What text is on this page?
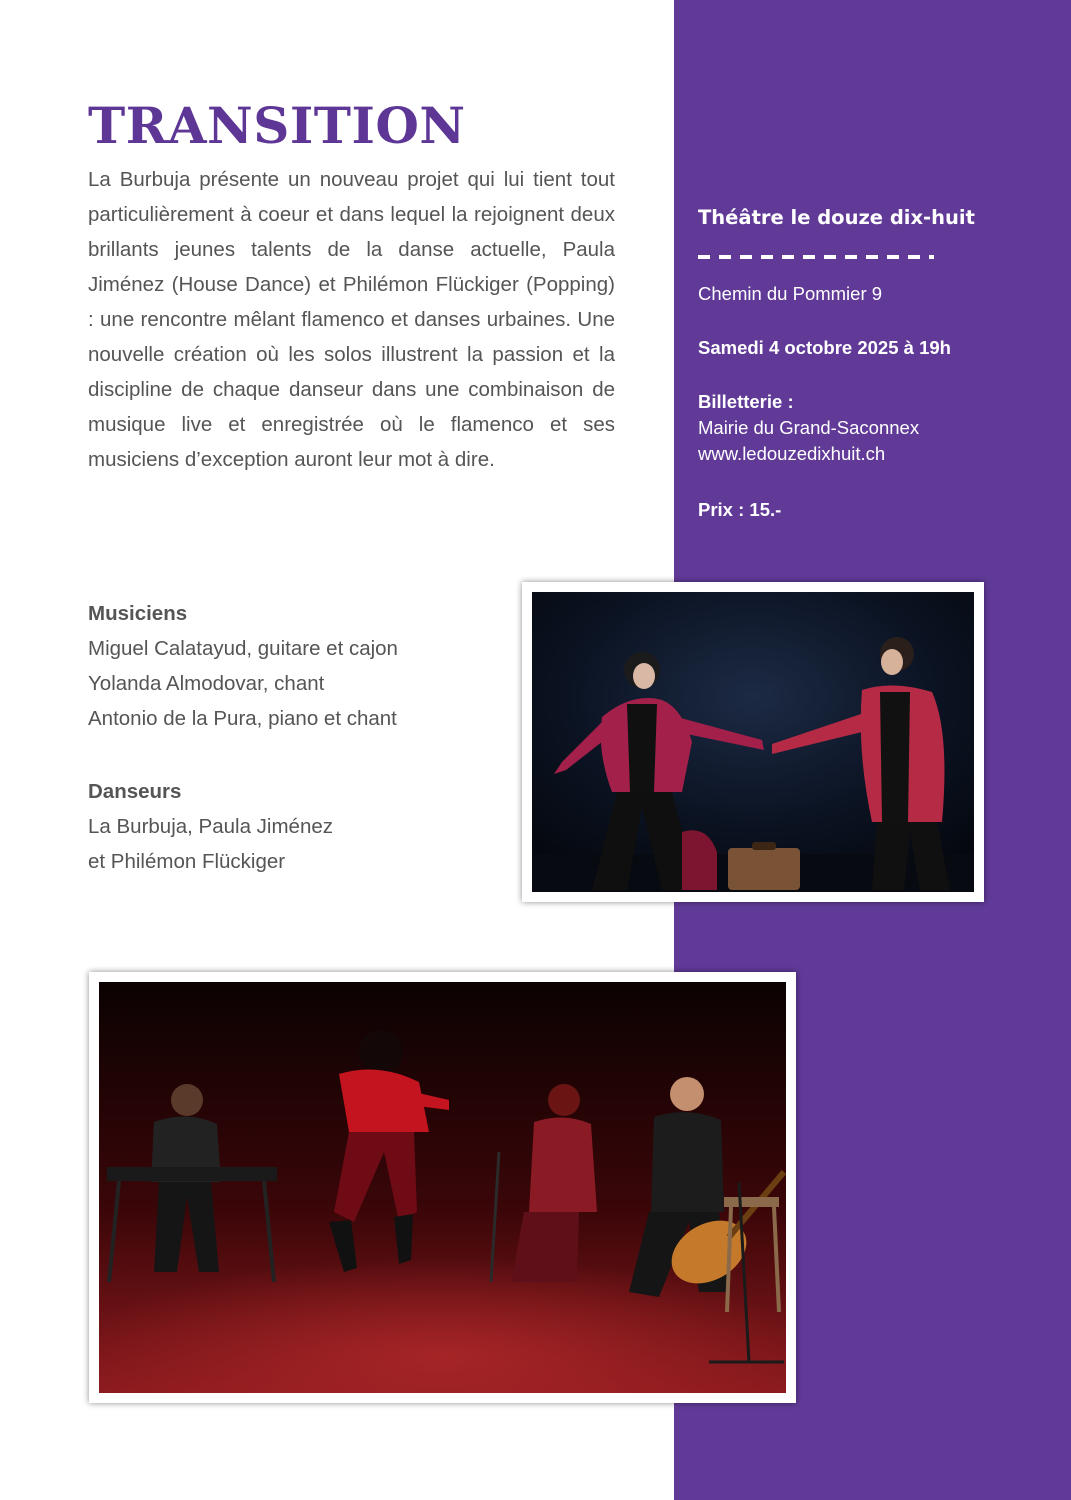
TRANSITION

La Burbuja présente un nouveau projet qui lui tient tout particulièrement à coeur et dans lequel la rejoignent deux brillants jeunes talents de la danse actuelle, Paula Jiménez (House Dance) et Philémon Flückiger (Popping) : une rencontre mêlant flamenco et danses urbaines. Une nouvelle création où les solos illustrent la passion et la discipline de chaque danseur dans une combinaison de musique live et enregistrée où le flamenco et ses musiciens d’exception auront leur mot à dire.

Musiciens
Miguel Calatayud, guitare et cajon
Yolanda Almodovar, chant
Antonio de la Pura, piano et chant
Danseurs
La Burbuja, Paula Jiménez
et Philémon Flückiger
Théâtre le douze dix-huit
Chemin du Pommier 9
Samedi 4 octobre 2025 à 19h
Billetterie :
Mairie du Grand-Saconnex
www.ledouzedixhuit.ch
Prix : 15.-
